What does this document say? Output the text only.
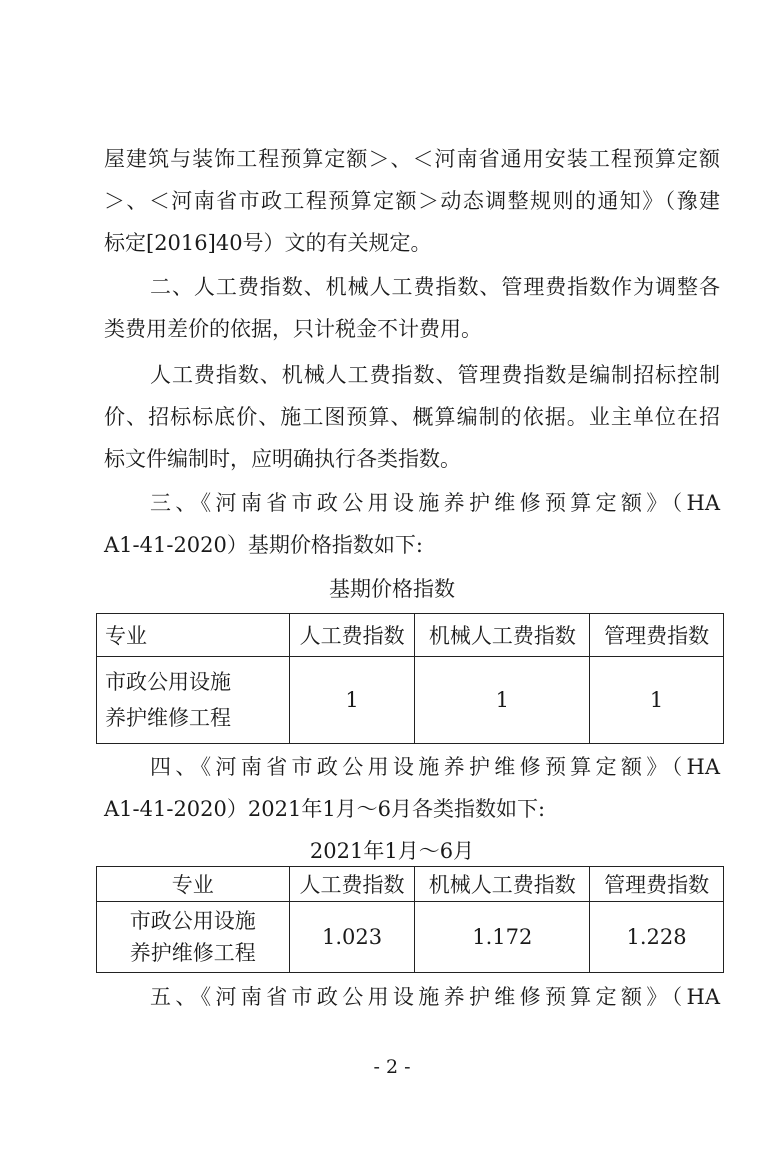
屋建筑与装饰工程预算定额＞、＜河南省通用安装工程预算定额
＞、＜河南省市政工程预算定额＞动态调整规则的通知》（豫建
标定[2016]40号）文的有关规定。
二、人工费指数、机械人工费指数、管理费指数作为调整各
类费用差价的依据，只计税金不计费用。
人工费指数、机械人工费指数、管理费指数是编制招标控制
价、招标标底价、施工图预算、概算编制的依据。业主单位在招
标文件编制时，应明确执行各类指数。
三、《河南省市政公用设施养护维修预算定额》（HA
A1-41-2020）基期价格指数如下:
基期价格指数
专业	人工费指数	机械人工费指数	管理费指数

市政公用设施
养护维修工程	1	1	1
四、《河南省市政公用设施养护维修预算定额》（HA
A1-41-2020）2021年1月～6月各类指数如下:
2021年1月～6月
专业	人工费指数	机械人工费指数	管理费指数

市政公用设施
养护维修工程	1.023	1.172	1.228
五、《河南省市政公用设施养护维修预算定额》（HA
- 2 -
